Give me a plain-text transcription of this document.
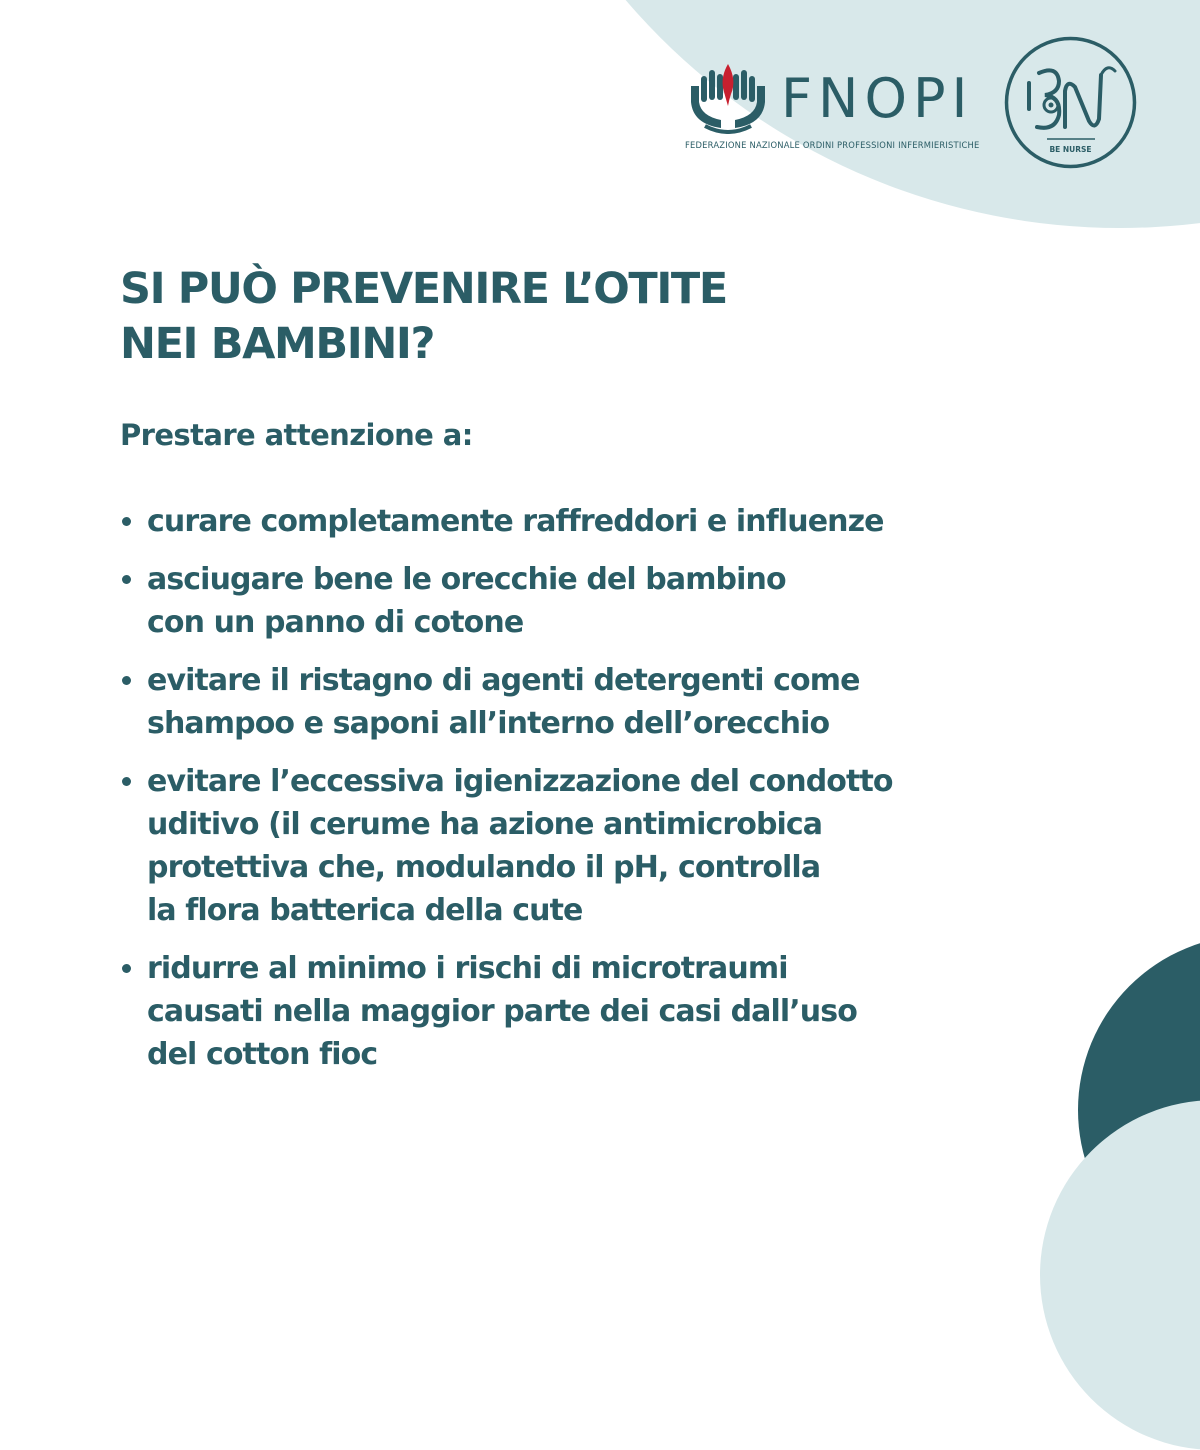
FNOPI
FEDERAZIONE NAZIONALE ORDINI PROFESSIONI INFERMIERISTICHE	BE NURSE
SI PUÒ PREVENIRE L’OTITE
NEI BAMBINI?

Prestare attenzione a:

curare completamente raffreddori e influenze
asciugare bene le orecchie del bambino
con un panno di cotone
evitare il ristagno di agenti detergenti come
shampoo e saponi all’interno dell’orecchio
evitare l’eccessiva igienizzazione del condotto
uditivo (il cerume ha azione antimicrobica
protettiva che, modulando il pH, controlla
la flora batterica della cute
ridurre al minimo i rischi di microtraumi
causati nella maggior parte dei casi dall’uso
del cotton fioc
